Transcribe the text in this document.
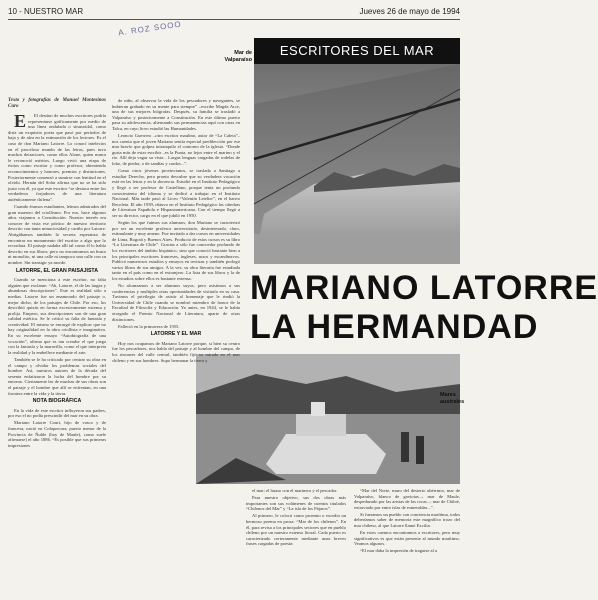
10 - NUESTRO MAR	Jueves 26 de mayo de 1994
A. ROZ SOOO
ESCRITORES DEL MAR
Mar de Valparaíso
MARIANO LATORRE
LA HERMANDAD
Mares australes
Texto y fotografías de Manuel Montesinos Curo

E El destino de muchos escritores podría representarse gráficamente por medio de una línea ondulada o sinusoidal, como diría un exquisito poeta que pasó por períodos de baja y de alza en la estimación de los lectores. Es el caso de don Mariano Latorre. Lo conocí intelectos en el proceloso mundo de las letras, pues tuvo muchos detractores, como ellos Alone, quien nunca le reconoció méritos. Luego vivió una etapa de éxitos como escritor y como profesor, obteniendo reconocimientos y honores, premios y distinciones. Posteriormente comenzó a sumirse con lentitud en el olvido. Hernán del Solar afirma que no se ha sido justo con él, ya que este escritor “se destaca entre los verdaderos forjadores de una literatura auténticamente chilena”.

Cuando éramos estudiantes, leímos admirados del gran maestro del criollismo. Por eso, hace algunos años viajamos a Constitución. Nuestro interés era conocer de vista ese pórtico de nuestro territorio descrito con tanta minuciosidad y cariño por Latorre. Abrigábamos también la secreta esperanza de encontrar un monumento del escritor a algo que lo recordara. El paisaje nadaba allí tal como él lo había descrito en sus libros; pero no encontramos un busto ni monolito, ni una calle ni tampoco una calle con su nombre. Sin transigir ya morde.

LATORRE, EL GRAN PAISAJISTA

Cuando se menciona a este escritor, no falta alguien que exclame: “Ah, Latorre, el de las largas y abundosas descripciones”. Este es realidad sólo a medias. Latorre fue un enamorado del paisaje o, mejor dicho, de los paisajes de Chile. Por eso, los describió quizás en forma excesivamente extensa y prolija. Empero, sus descripciones son de una gran calidad estética. Se le criticó su falta de fantasía y creatividad. El mismo se encargó de explicar que no hay originalidad en la obra criollista e imaginativa. En su excelente ensayo “Autobiografía de una vocación”, afirma que es tan creador el que juega con la fantasía y la maravilla, como el que interpreta la realidad y la embellece mediante el arte.

También se le ha criticado por centrar su obra en el campo y olvidar los problemas sociales del hombre. Así, nuestros autores de la década del sesenta enfatizaron la lucha del hombre por su entorno. Ciertamente las de muchas de sus obras son el paisaje y el hombre que allí se enfrentan, en una frontera entre la vida y la tierra.

NOTA BIOGRÁFICA

En la vida de este escritor influyeron sus padres, por eso el no podía prescindir del mar en su obra.

Mariano Latorre Court, hijo de vasco y de francesa, nació en Cobquecura, puerto menor de la Provincia de Ñuble (hoy de Maule), como suele afirmarse) el año 1886. “Es posible que sus primeras impresiones

de niño, al observar la vida de los pescadores y navegantes, se hubieran grabado en su mente para siempre” –escribe Magda Arce, una de sus mejores biógrafas. Después, su familia se trasladó a Valparaíso y posteriormente a Constitución. En este último puerto pasa su adolescencia, alternando sus permanencias aquí con otras en Talca, en cuyo liceo estudió las Humanidades.

Leoncio Guerrero –otro escritor maulino, autor de “La Caleta”– nos cuenta que el joven Mariano sentía especial predilección por ese mar bravío que golpea intranquilo el contorno de la iglesia. “Donde gusta más de estar escribir –es la Punta, no lejos entre el marino y el río. Allí deja vagar su vista... Largas lenguas cargadas de rodelas de lobo, de piedra, o de sandías y cardos...”.

Como otros jóvenes provincianos, se traslada a Santiago a estudiar Derecho, pero pronto descubre que su verdadera vocación está en las letras y en la docencia. Estudió en el Instituto Pedagógico y llegó a ser profesor de Castellano, porque tenía un profundo conocimiento del idioma y se dedicó a trabajar en el Instituto Nacional. Más tarde pasó al Liceo “Valentín Letelier”, en el barrio Recoleta. El año 1939, obtuvo en el Instituto Pedagógico las cátedras de Literatura Española e Hispanoamericana. Con el tiempo llegó a ser su director, cargo en el que jubiló en 1950.

Según los que fuimos sus alumnos, don Mariano se caracterizó por ser un excelente profesor universitario, desinteresado, claro, estimulante y muy ameno. Fue invitado a dar cursos en universidades de Lima, Bogotá y Buenos Aires. Producto de estos cursos es su libro “La Literatura de Chile”. Gracias a sólo fue conocedor profundo de los escritores del ámbito hispánico, sino que conoció bastante bien a los principales escritores franceses, ingleses, rusos y escandinavos. Publicó numerosos estudios y ensayos en revistas y también prologó varios libros de sus amigos. A la vez, su obra literaria fue estudiada tanto en el país como en el extranjero. La lista de sus libros y la de los estudios sobre ellos es bastante extensa.

No alcanzamos a ser alumnos suyos, pero asistimos a sus conferencias y multiples otras oportunidades de visitarlo en su casa. Tuvimos el privilegio de asistir al homenaje que le rindió la Universidad de Chile cuando se nombró miembro de honor de la Facultad de Filosofía y Educación. Yo antes, en 1944, se le había otorgado el Premio Nacional de Literatura, aparte de otras distinciones.

Falleció en la primavera de 1955.

LATORRE Y EL MAR

Hoy nos ocupamos de Mariano Latorre porque, si bien su centro fue los pescadores, nos habla del paisaje y al hombre del campo, de los rincones del valle central, también fijó su mirada en el mar chileno y en sus hombres. Supo hermanar la tierra y

el mar; el huaso con el marinero y el pescador.

Para nuestro objetivo, sus dos obras más importantes son sus volúmenes de cuentos titulados “Chilenos del Mar” y “La isla de los Pájaros”.

Al primero, le colocó como proemio o exordio un hermoso poema en prosa: “Mar de los chilenos”. En él, para revisa a los principales sectores que en pueblo chileno por un nuestro extenso litoral. Cada puerto es caracterizado certeramente mediante unas breves frases cargadas de poesía:

“Mar del Norte, muro del desierto ubérrimo, mar de Valparaíso, blanco de gaviotas...; mar de Maule, despedazado por las aristas de las rocas...; mar de Chiloé, extraviado por entre islas de esmeraldas...”.

Si fueramos un pueblo con conciencia marítima, todos deberíamos saber de memoria este magnífico trozo del mar chileno, al que Latorre llamó Excilia.

En estos cuentos encontramos a escritores, pero muy significativos es que están presente al mundo marítimo. Veamos algunos.

“El mar daba la impresión de tragarse al a
